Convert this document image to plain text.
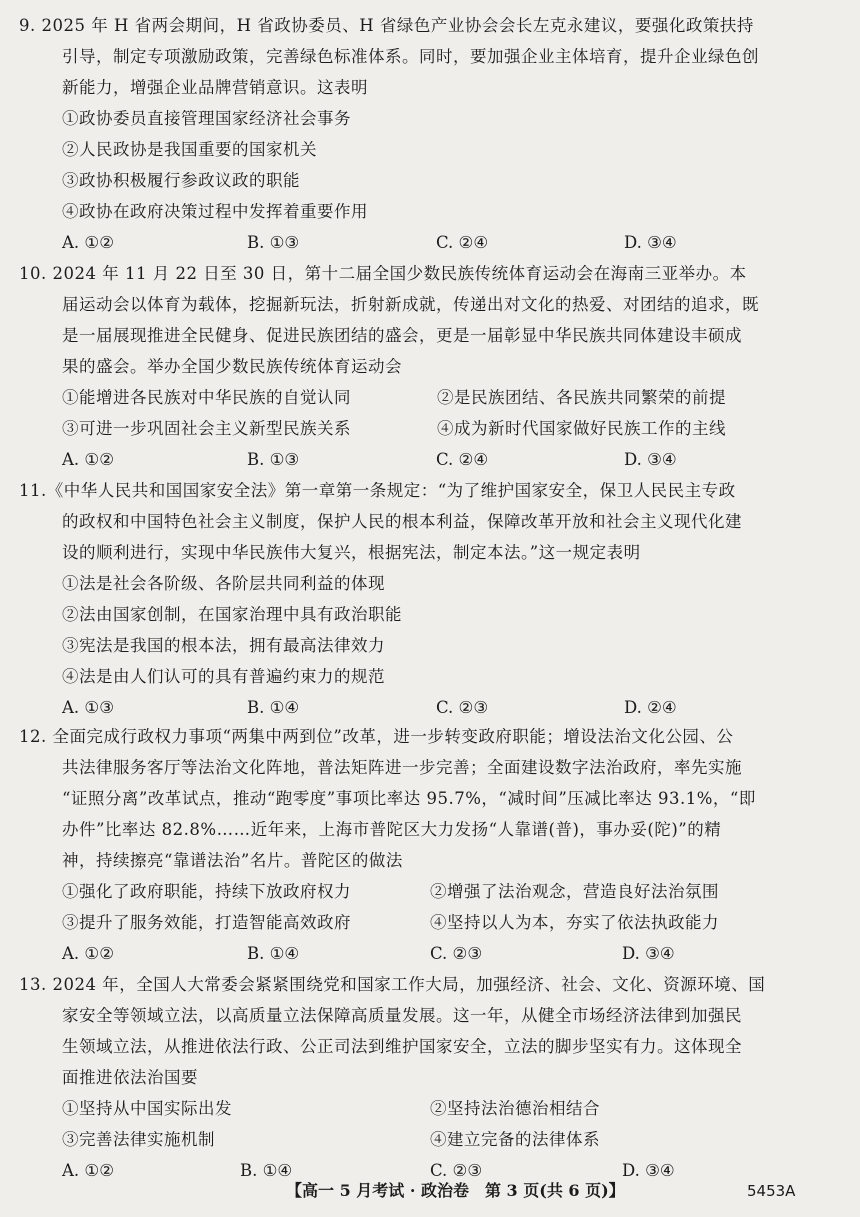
9. 2025 年 H 省两会期间，H 省政协委员、H 省绿色产业协会会长左克永建议，要强化政策扶持
引导，制定专项激励政策，完善绿色标准体系。同时，要加强企业主体培育，提升企业绿色创
新能力，增强企业品牌营销意识。这表明
①政协委员直接管理国家经济社会事务
②人民政协是我国重要的国家机关
③政协积极履行参政议政的职能
④政协在政府决策过程中发挥着重要作用
A. ①②	B. ①③	C. ②④	D. ③④
10. 2024 年 11 月 22 日至 30 日，第十二届全国少数民族传统体育运动会在海南三亚举办。本
届运动会以体育为载体，挖掘新玩法，折射新成就，传递出对文化的热爱、对团结的追求，既
是一届展现推进全民健身、促进民族团结的盛会，更是一届彰显中华民族共同体建设丰硕成
果的盛会。举办全国少数民族传统体育运动会
①能增进各民族对中华民族的自觉认同	②是民族团结、各民族共同繁荣的前提
③可进一步巩固社会主义新型民族关系	④成为新时代国家做好民族工作的主线
A. ①②	B. ①③	C. ②④	D. ③④
11.《中华人民共和国国家安全法》第一章第一条规定：“为了维护国家安全，保卫人民民主专政
的政权和中国特色社会主义制度，保护人民的根本利益，保障改革开放和社会主义现代化建
设的顺利进行，实现中华民族伟大复兴，根据宪法，制定本法。”这一规定表明
①法是社会各阶级、各阶层共同利益的体现
②法由国家创制，在国家治理中具有政治职能
③宪法是我国的根本法，拥有最高法律效力
④法是由人们认可的具有普遍约束力的规范
A. ①③	B. ①④	C. ②③	D. ②④
12. 全面完成行政权力事项“两集中两到位”改革，进一步转变政府职能；增设法治文化公园、公
共法律服务客厅等法治文化阵地，普法矩阵进一步完善；全面建设数字法治政府，率先实施
“证照分离”改革试点，推动“跑零度”事项比率达 95.7%，“减时间”压减比率达 93.1%，“即
办件”比率达 82.8%……近年来，上海市普陀区大力发扬“人靠谱(普)，事办妥(陀)”的精
神，持续擦亮“靠谱法治”名片。普陀区的做法
①强化了政府职能，持续下放政府权力	②增强了法治观念，营造良好法治氛围
③提升了服务效能，打造智能高效政府	④坚持以人为本，夯实了依法执政能力
A. ①②	B. ①④	C. ②③	D. ③④
13. 2024 年，全国人大常委会紧紧围绕党和国家工作大局，加强经济、社会、文化、资源环境、国
家安全等领域立法，以高质量立法保障高质量发展。这一年，从健全市场经济法律到加强民
生领域立法，从推进依法行政、公正司法到维护国家安全，立法的脚步坚实有力。这体现全
面推进依法治国要
①坚持从中国实际出发	②坚持法治德治相结合
③完善法律实施机制	④建立完备的法律体系
A. ①②	B. ①④	C. ②③	D. ③④
【高一 5 月考试 · 政治卷　第 3 页(共 6 页)】	5453A
